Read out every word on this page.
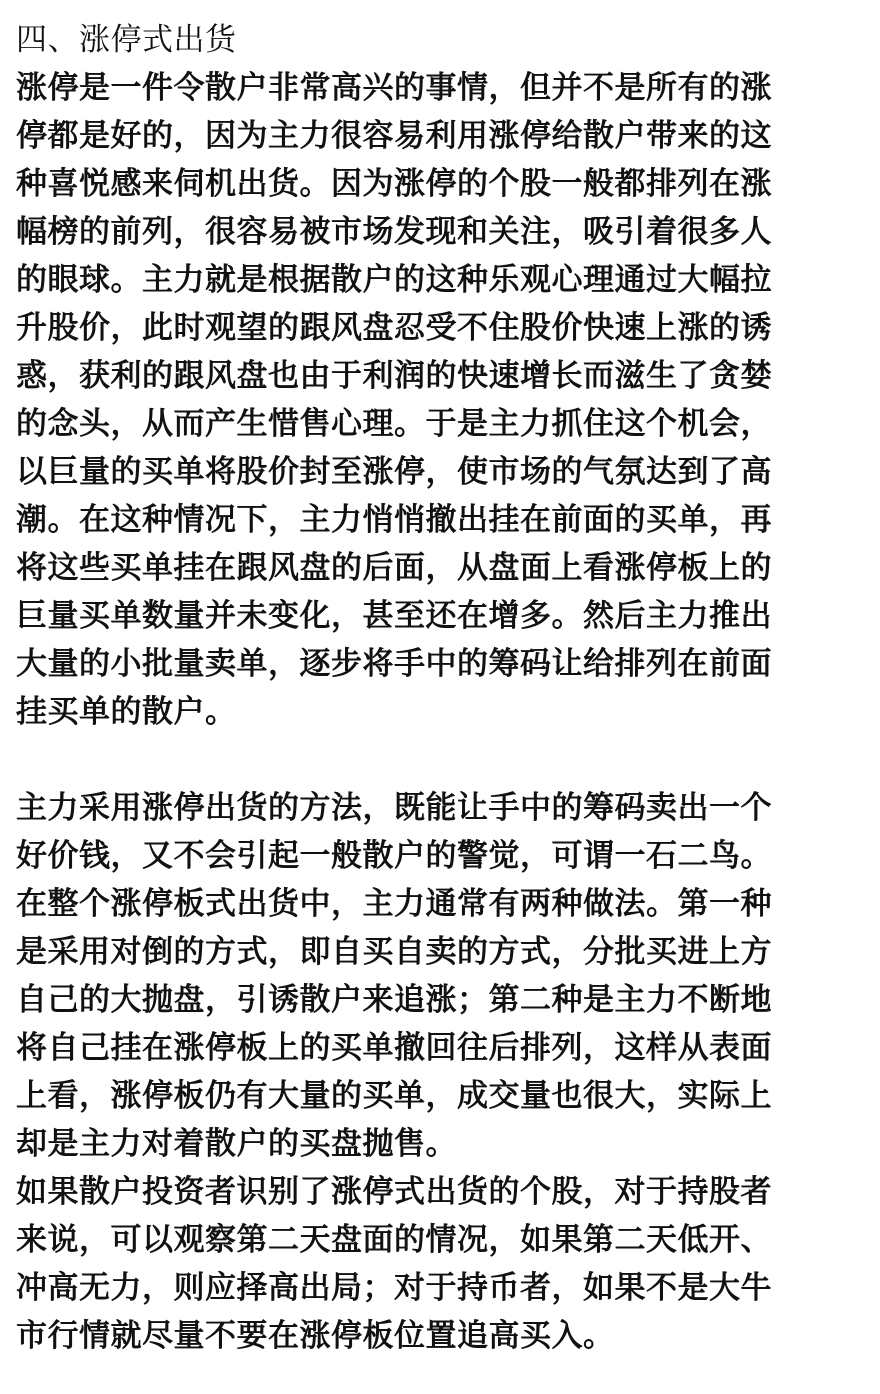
四、涨停式出货
涨停是一件令散户非常高兴的事情，但并不是所有的涨
停都是好的，因为主力很容易利用涨停给散户带来的这
种喜悦感来伺机出货。因为涨停的个股一般都排列在涨
幅榜的前列，很容易被市场发现和关注，吸引着很多人
的眼球。主力就是根据散户的这种乐观心理通过大幅拉
升股价，此时观望的跟风盘忍受不住股价快速上涨的诱
惑，获利的跟风盘也由于利润的快速增长而滋生了贪婪
的念头，从而产生惜售心理。于是主力抓住这个机会，
以巨量的买单将股价封至涨停，使市场的气氛达到了高
潮。在这种情况下，主力悄悄撤出挂在前面的买单，再
将这些买单挂在跟风盘的后面，从盘面上看涨停板上的
巨量买单数量并未变化，甚至还在增多。然后主力推出
大量的小批量卖单，逐步将手中的筹码让给排列在前面
挂买单的散户。
主力采用涨停出货的方法，既能让手中的筹码卖出一个
好价钱，又不会引起一般散户的警觉，可谓一石二鸟。
在整个涨停板式出货中，主力通常有两种做法。第一种
是采用对倒的方式，即自买自卖的方式，分批买进上方
自己的大抛盘，引诱散户来追涨；第二种是主力不断地
将自己挂在涨停板上的买单撤回往后排列，这样从表面
上看，涨停板仍有大量的买单，成交量也很大，实际上
却是主力对着散户的买盘抛售。
如果散户投资者识别了涨停式出货的个股，对于持股者
来说，可以观察第二天盘面的情况，如果第二天低开、
冲高无力，则应择高出局；对于持币者，如果不是大牛
市行情就尽量不要在涨停板位置追高买入。
